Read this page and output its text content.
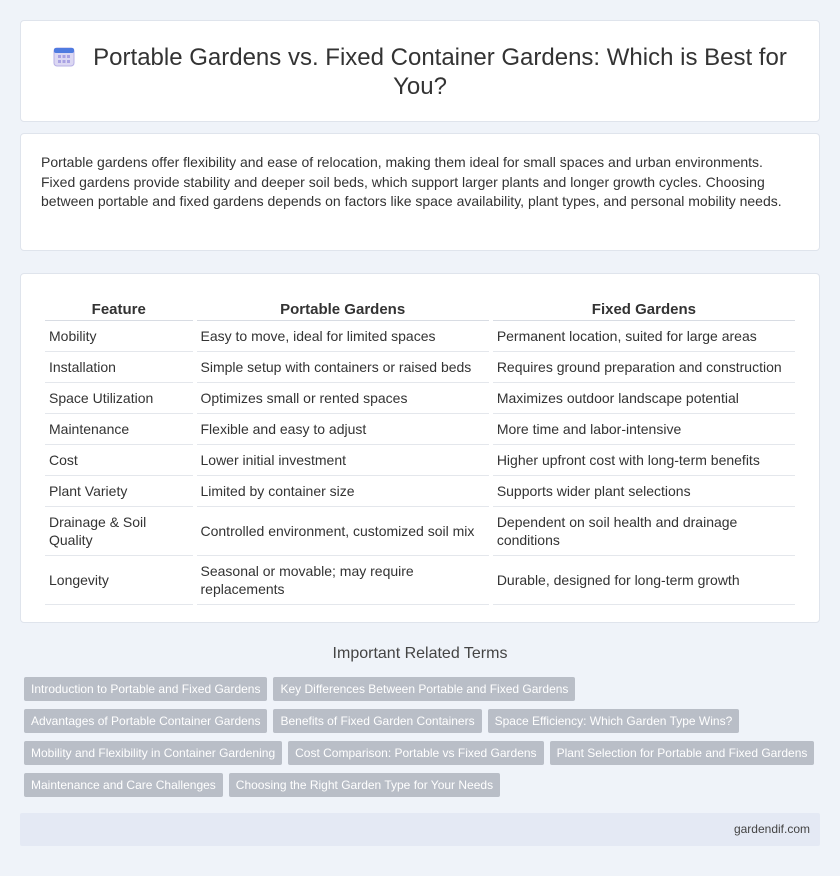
Portable Gardens vs. Fixed Container Gardens: Which is Best for You?

Portable gardens offer flexibility and ease of relocation, making them ideal for small spaces and urban environments. Fixed gardens provide stability and deeper soil beds, which support larger plants and longer growth cycles. Choosing between portable and fixed gardens depends on factors like space availability, plant types, and personal mobility needs.

Feature	Portable Gardens	Fixed Gardens
Mobility	Easy to move, ideal for limited spaces	Permanent location, suited for large areas
Installation	Simple setup with containers or raised beds	Requires ground preparation and construction
Space Utilization	Optimizes small or rented spaces	Maximizes outdoor landscape potential
Maintenance	Flexible and easy to adjust	More time and labor-intensive
Cost	Lower initial investment	Higher upfront cost with long-term benefits
Plant Variety	Limited by container size	Supports wider plant selections
Drainage & Soil Quality	Controlled environment, customized soil mix	Dependent on soil health and drainage conditions
Longevity	Seasonal or movable; may require replacements	Durable, designed for long-term growth
Important Related Terms
Introduction to Portable and Fixed Gardens	Key Differences Between Portable and Fixed Gardens
Advantages of Portable Container Gardens	Benefits of Fixed Garden Containers	Space Efficiency: Which Garden Type Wins?
Mobility and Flexibility in Container Gardening	Cost Comparison: Portable vs Fixed Gardens	Plant Selection for Portable and Fixed Gardens
Maintenance and Care Challenges	Choosing the Right Garden Type for Your Needs
gardendif.com
